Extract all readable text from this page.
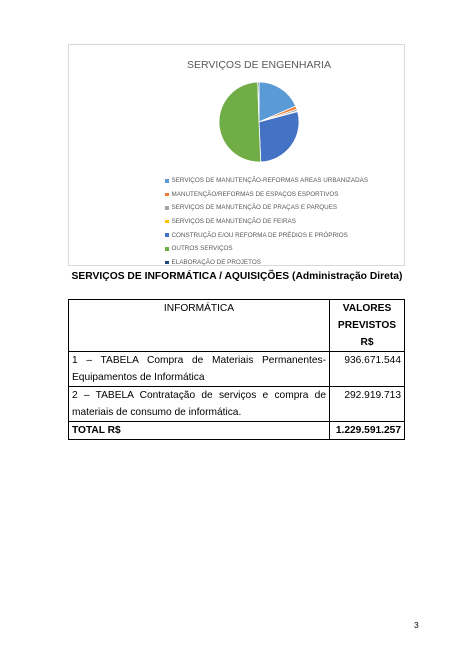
SERVIÇOS DE ENGENHARIA
SERVIÇOS DE MANUTENÇÃO-REFORMAS AREAS URBANIZADAS
MANUTENÇÃO/REFORMAS DE ESPAÇOS ESPORTIVOS
SERVIÇOS DE MANUTENÇÃO DE PRAÇAS E PARQUES
SERVIÇOS DE MANUTENÇÃO DE FEIRAS
CONSTRUÇÃO E/OU REFORMA DE PRÉDIOS E PRÓPRIOS
OUTROS SERVIÇOS
ELABORAÇÃO DE PROJETOS

SERVIÇOS DE INFORMÁTICA / AQUISIÇÕES (Administração Direta)

INFORMÁTICA	VALORES PREVISTOS R$
1 – TABELA Compra de Materiais Permanentes-Equipamentos de Informática	936.671.544
2 – TABELA Contratação de serviços e compra de materiais de consumo de informática.	292.919.713
TOTAL R$	1.229.591.257
3
